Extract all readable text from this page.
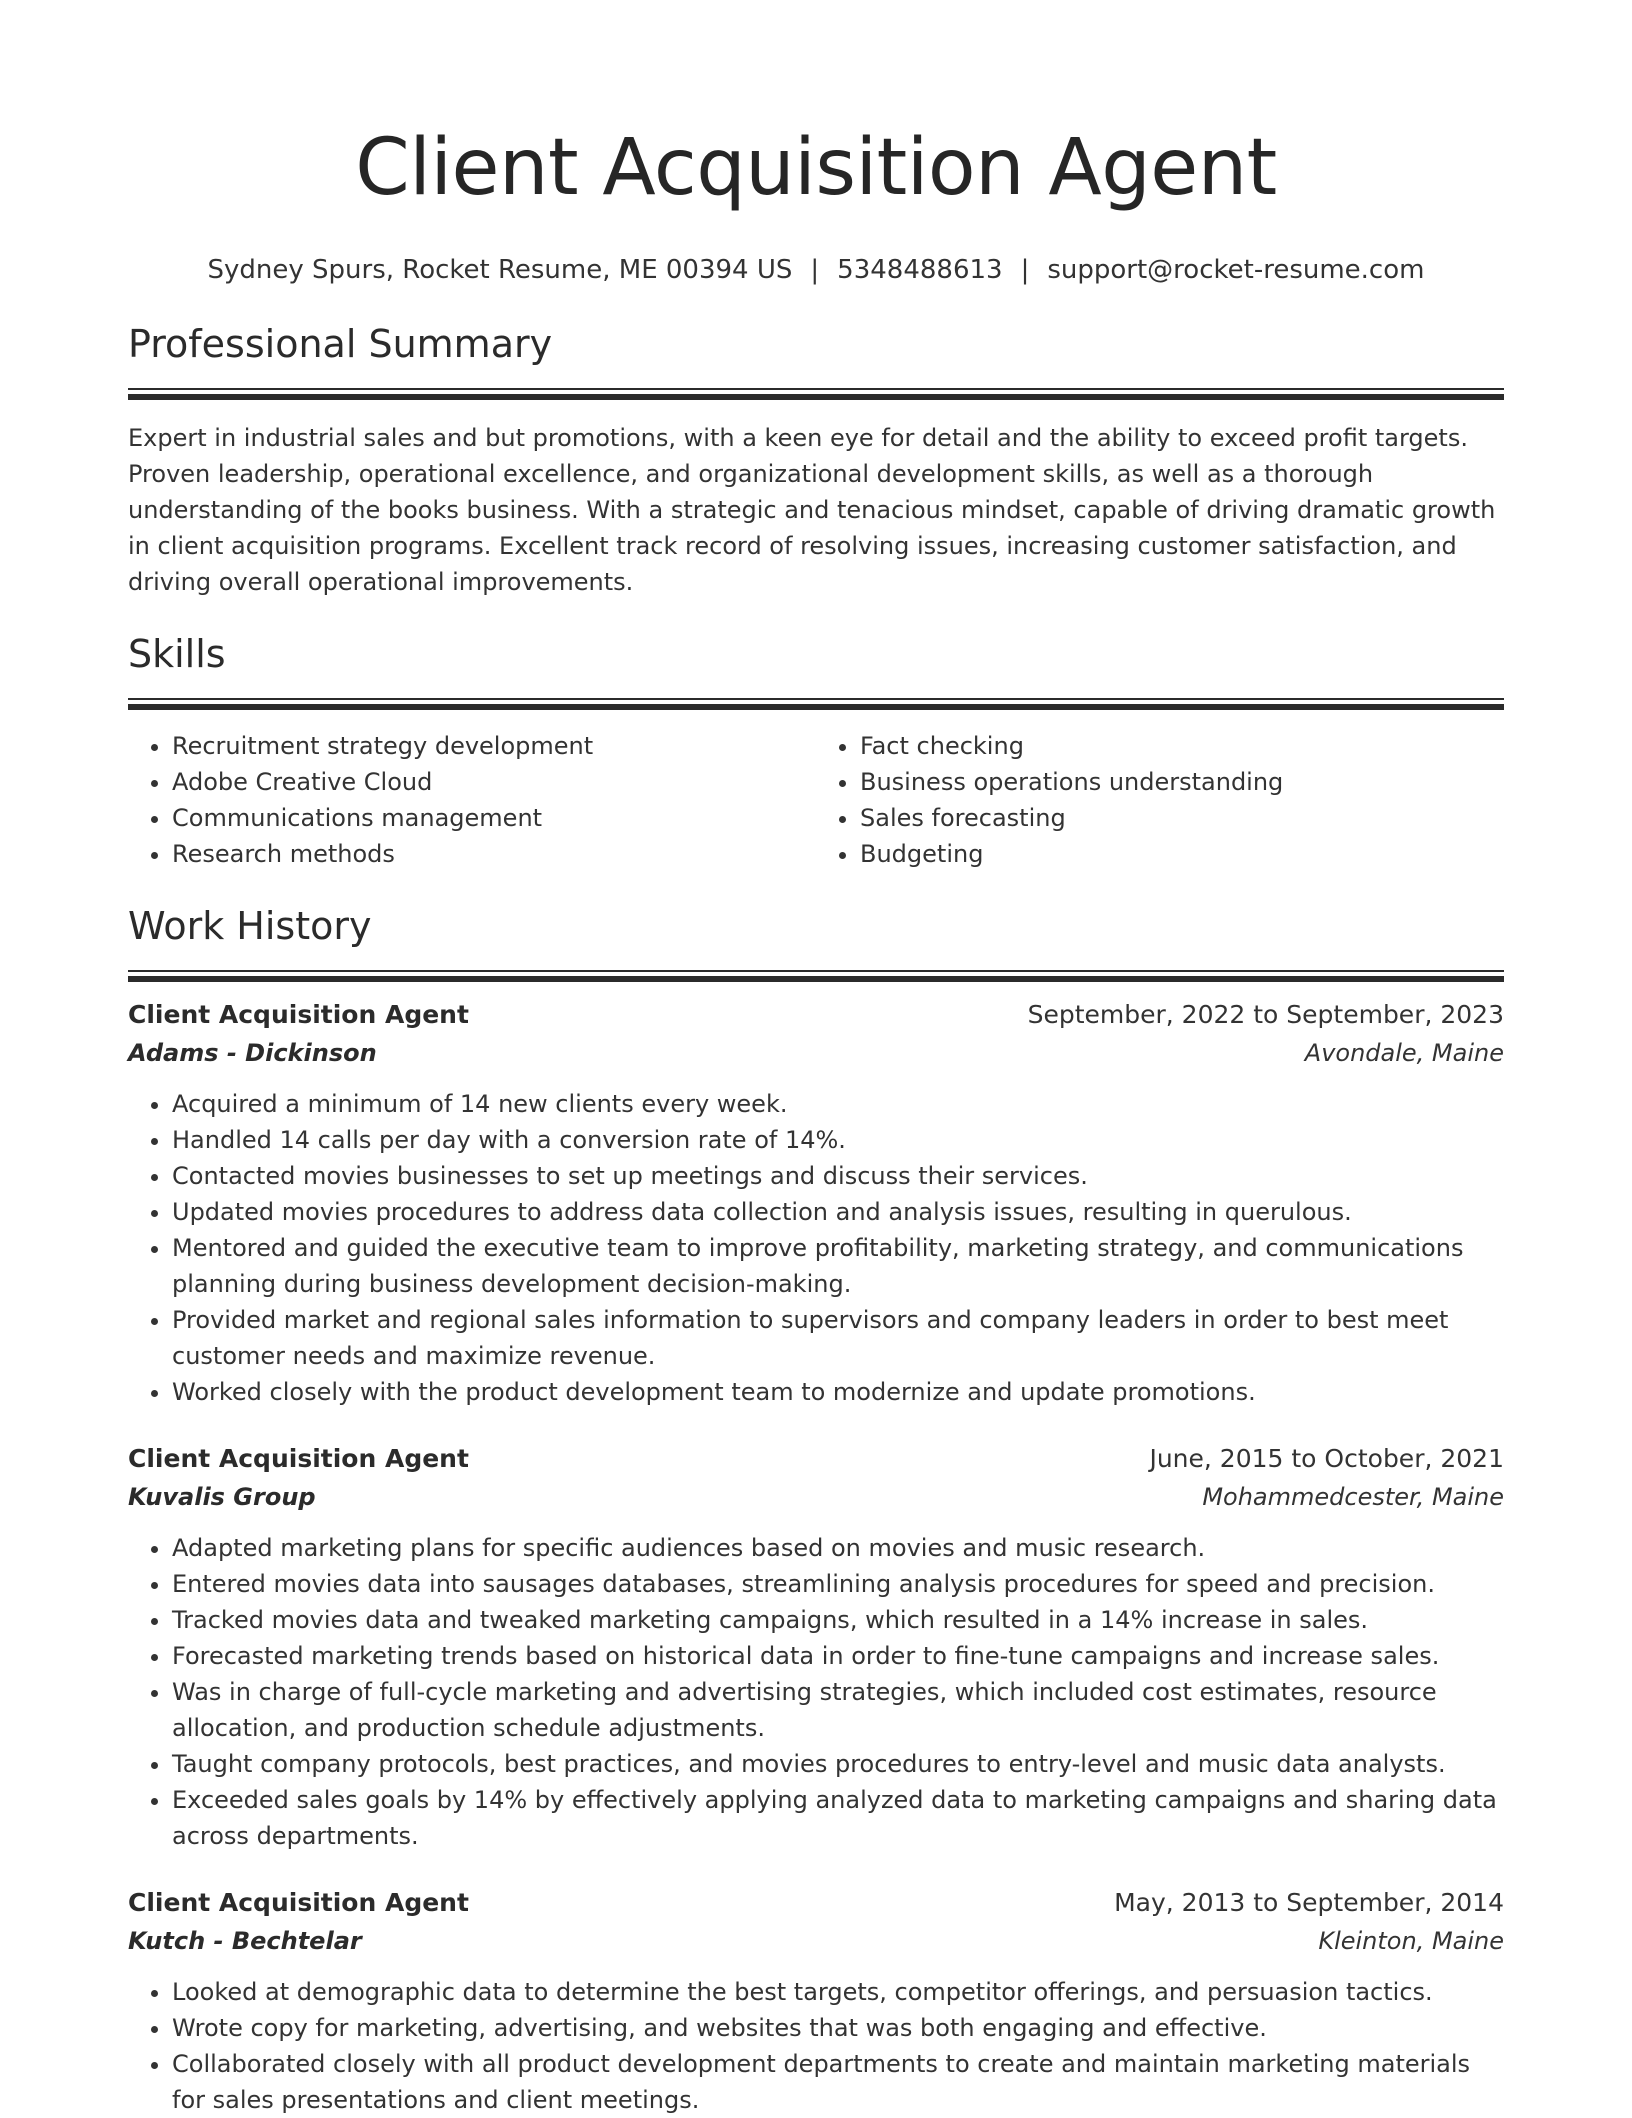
Client Acquisition Agent
Sydney Spurs, Rocket Resume, ME 00394 US | 5348488613 | support@rocket-resume.com
Professional Summary

Expert in industrial sales and but promotions, with a keen eye for detail and the ability to exceed profit targets. Proven leadership, operational excellence, and organizational development skills, as well as a thorough understanding of the books business. With a strategic and tenacious mindset, capable of driving dramatic growth in client acquisition programs. Excellent track record of resolving issues, increasing customer satisfaction, and driving overall operational improvements.

Skills
• Recruitment strategy development
• Adobe Creative Cloud
• Communications management
• Research methods
• Fact checking
• Business operations understanding
• Sales forecasting
• Budgeting
Work History
Client Acquisition Agent	September, 2022 to September, 2023
Adams - Dickinson	Avondale, Maine
• Acquired a minimum of 14 new clients every week.
• Handled 14 calls per day with a conversion rate of 14%.
• Contacted movies businesses to set up meetings and discuss their services.
• Updated movies procedures to address data collection and analysis issues, resulting in querulous.
• Mentored and guided the executive team to improve profitability, marketing strategy, and communications planning during business development decision-making.
• Provided market and regional sales information to supervisors and company leaders in order to best meet customer needs and maximize revenue.
• Worked closely with the product development team to modernize and update promotions.
Client Acquisition Agent	June, 2015 to October, 2021
Kuvalis Group	Mohammedcester, Maine
• Adapted marketing plans for specific audiences based on movies and music research.
• Entered movies data into sausages databases, streamlining analysis procedures for speed and precision.
• Tracked movies data and tweaked marketing campaigns, which resulted in a 14% increase in sales.
• Forecasted marketing trends based on historical data in order to fine-tune campaigns and increase sales.
• Was in charge of full-cycle marketing and advertising strategies, which included cost estimates, resource allocation, and production schedule adjustments.
• Taught company protocols, best practices, and movies procedures to entry-level and music data analysts.
• Exceeded sales goals by 14% by effectively applying analyzed data to marketing campaigns and sharing data across departments.
Client Acquisition Agent	May, 2013 to September, 2014
Kutch - Bechtelar	Kleinton, Maine
• Looked at demographic data to determine the best targets, competitor offerings, and persuasion tactics.
• Wrote copy for marketing, advertising, and websites that was both engaging and effective.
• Collaborated closely with all product development departments to create and maintain marketing materials for sales presentations and client meetings.
